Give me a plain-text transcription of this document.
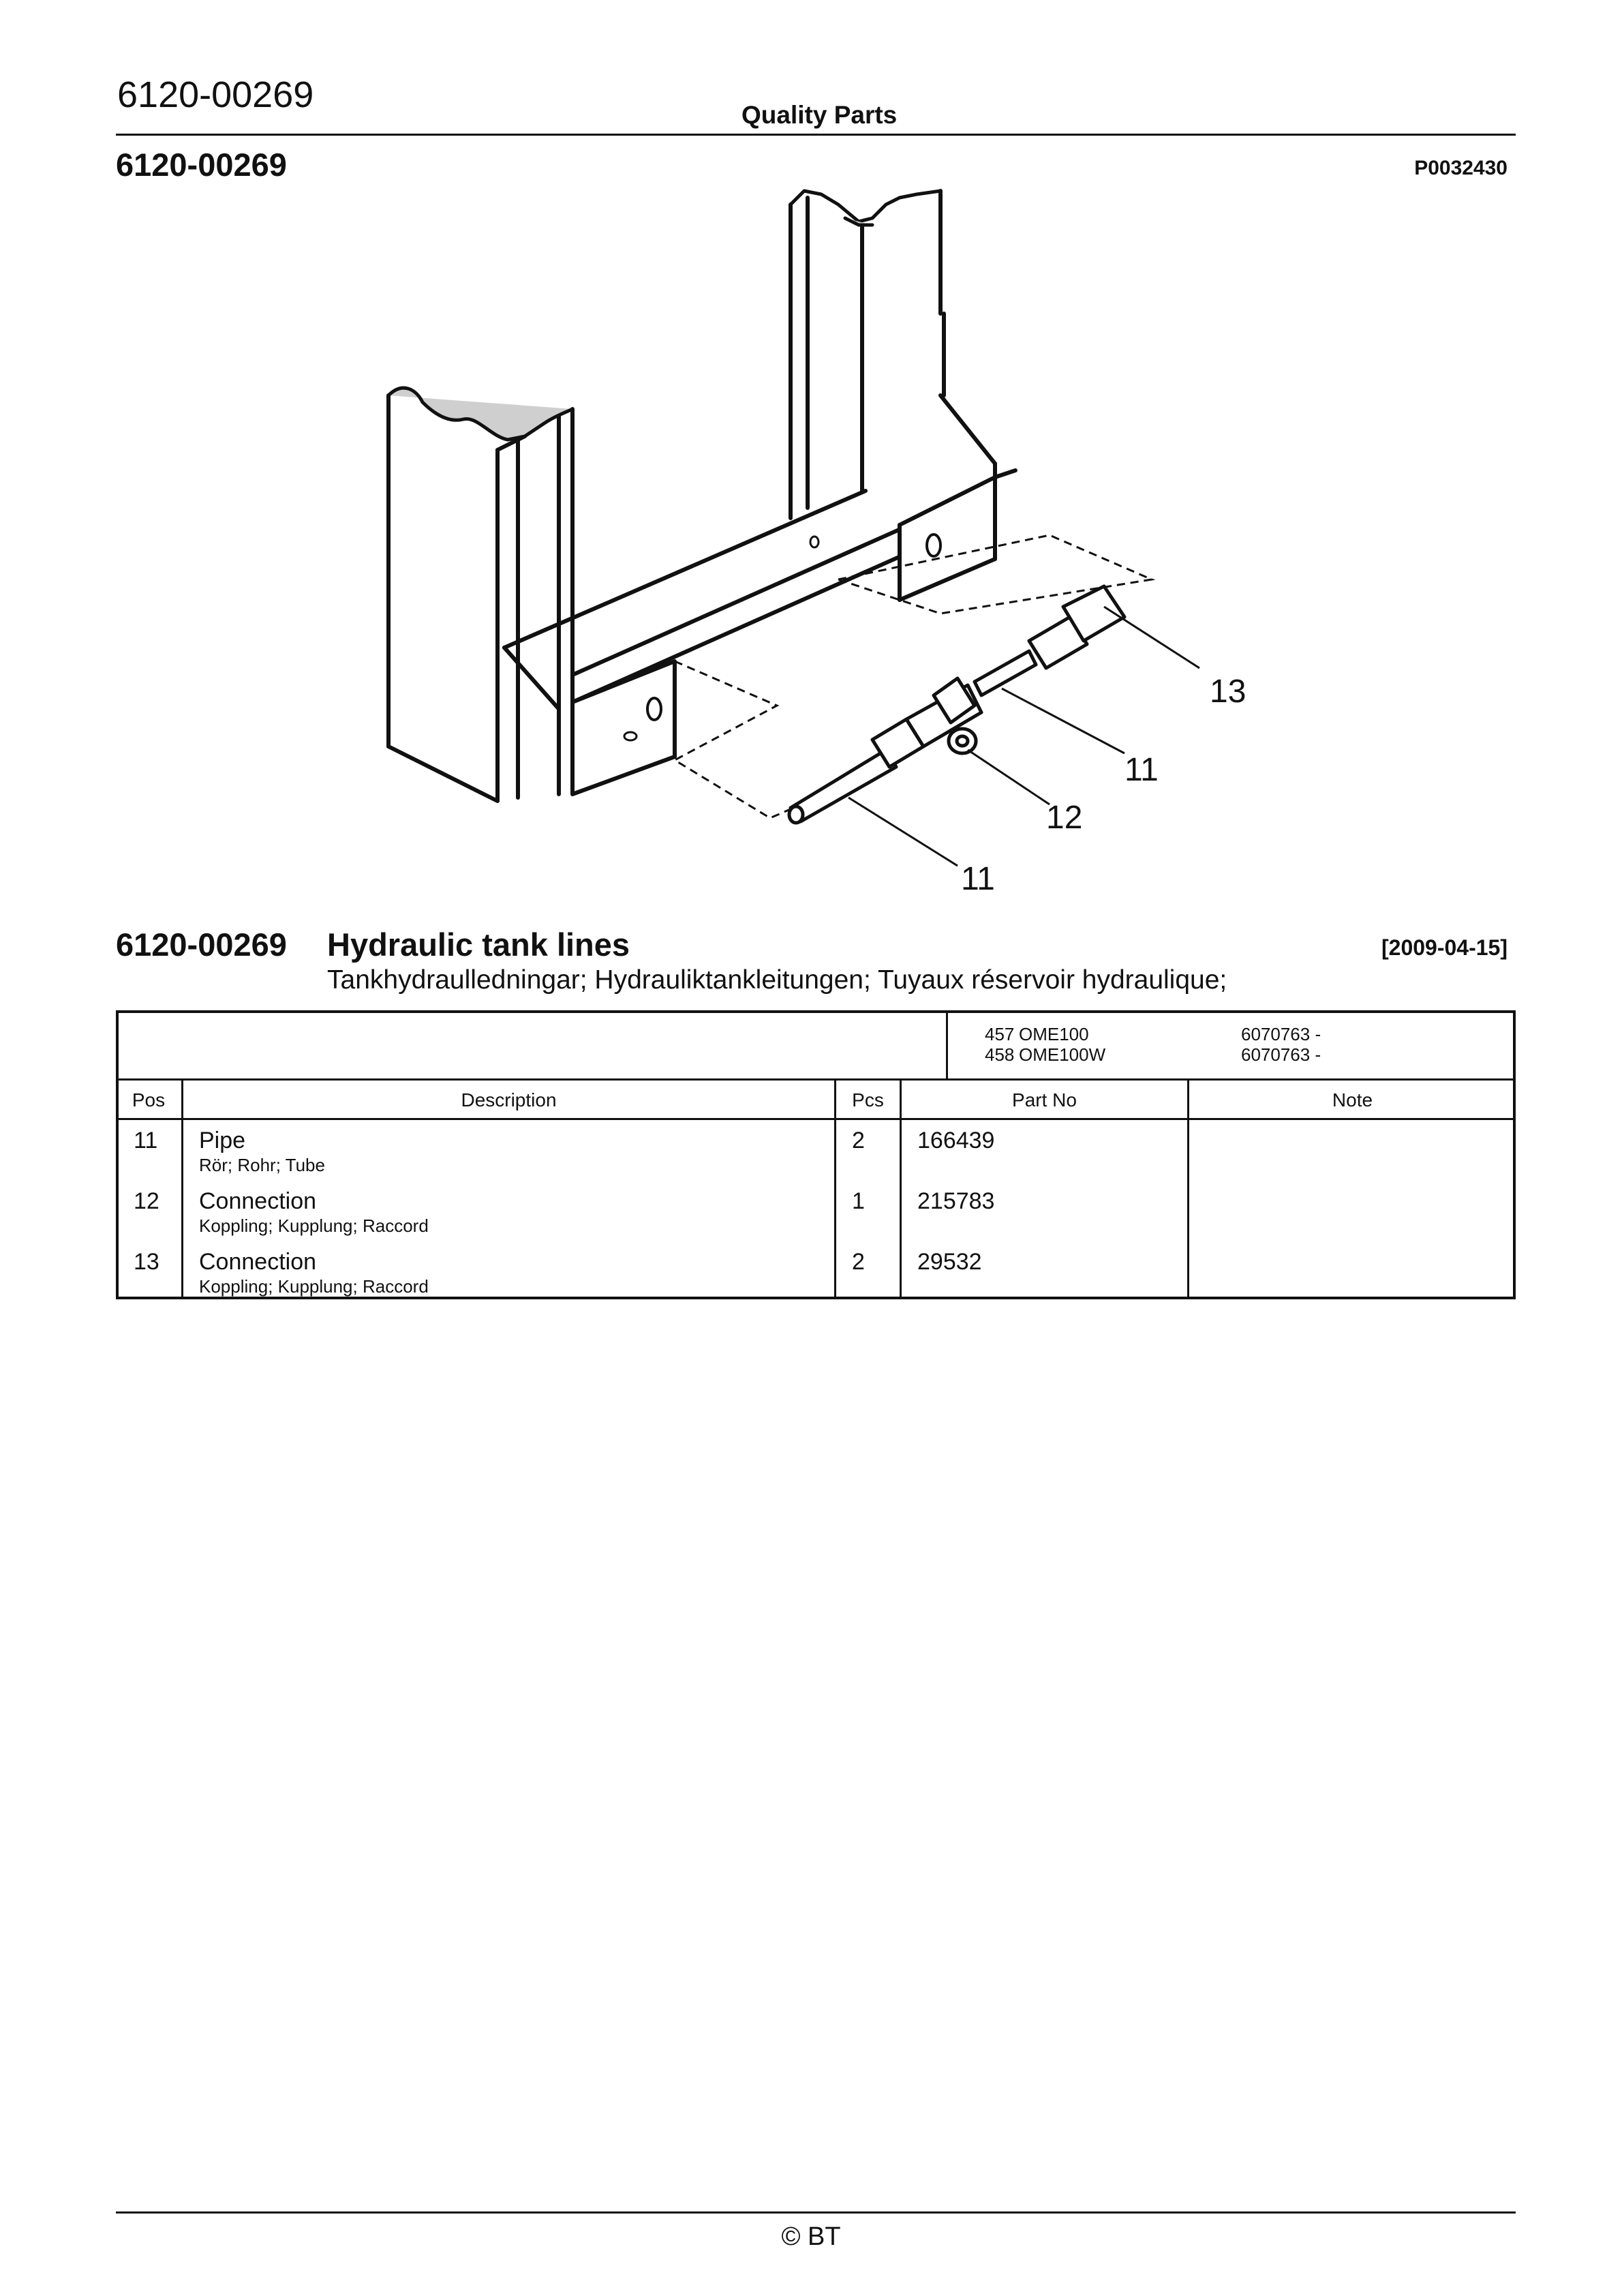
6120-00269	Quality Parts
6120-00269	P0032430
13
11
12
11
6120-00269 Hydraulic tank lines	[2009-04-15]
Tankhydraulledningar; Hydrauliktankleitungen; Tuyaux réservoir hydraulique;
457 OME100	6070763 -
458 OME100W	6070763 -
Pos	Description	Pcs	Part No	Note
11 Pipe
Rör; Rohr; Tube
2 166439
12 Connection
Koppling; Kupplung; Raccord
1 215783
13 Connection
Koppling; Kupplung; Raccord
2 29532
© BT
